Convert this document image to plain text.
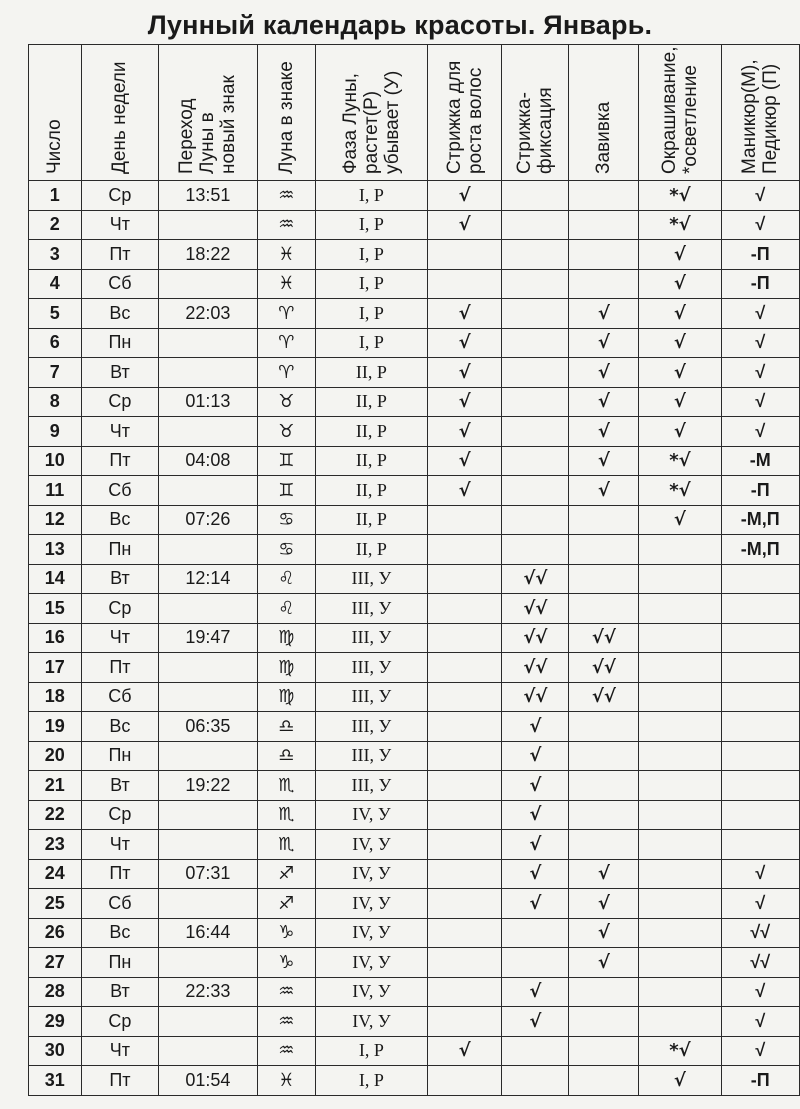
Лунный календарь красоты. Январь.
Число	День недели	Переход
Луны в
новый знак	Луна в знаке	Фаза Луны,
растет(Р)
убывает (У)	Стрижка для
роста волос	Стрижка-
фиксация	Завивка	Окрашивание,
*осветление	Маникюр(М),
Педикюр (П)
1	Ср	13:51	♒	I, Р	√			*√	√
2	Чт		♒	I, Р	√			*√	√
3	Пт	18:22	♓	I, Р				√	-П
4	Сб		♓	I, Р				√	-П
5	Вс	22:03	♈	I, Р	√		√	√	√
6	Пн		♈	I, Р	√		√	√	√
7	Вт		♈	II, Р	√		√	√	√
8	Ср	01:13	♉	II, Р	√		√	√	√
9	Чт		♉	II, Р	√		√	√	√
10	Пт	04:08	♊	II, Р	√		√	*√	-М
11	Сб		♊	II, Р	√		√	*√	-П
12	Вс	07:26	♋	II, Р				√	-М,П
13	Пн		♋	II, Р					-М,П
14	Вт	12:14	♌	III, У		√√			
15	Ср		♌	III, У		√√			
16	Чт	19:47	♍	III, У		√√	√√		
17	Пт		♍	III, У		√√	√√		
18	Сб		♍	III, У		√√	√√		
19	Вс	06:35	♎	III, У		√			
20	Пн		♎	III, У		√			
21	Вт	19:22	♏	III, У		√			
22	Ср		♏	IV, У		√			
23	Чт		♏	IV, У		√			
24	Пт	07:31	♐	IV, У		√	√		√
25	Сб		♐	IV, У		√	√		√
26	Вс	16:44	♑	IV, У			√		√√
27	Пн		♑	IV, У			√		√√
28	Вт	22:33	♒	IV, У		√			√
29	Ср		♒	IV, У		√			√
30	Чт		♒	I, Р	√			*√	√
31	Пт	01:54	♓	I, Р				√	-П
